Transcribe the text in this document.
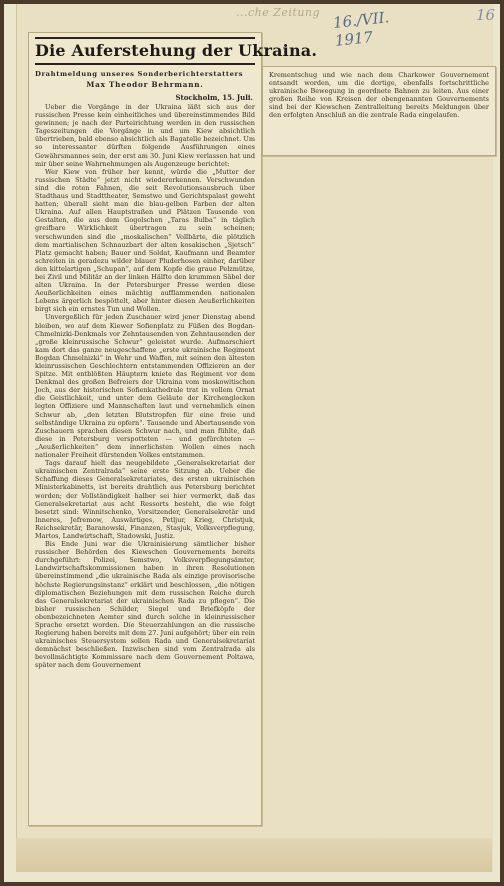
...che Zeitung 16./VII. 1917
16
Die Auferstehung der Ukraina.
Drahtmeldung unseres Sonderberichterstatters
Max Theodor Behrmann.
Stockholm, 15. Juli.

Ueber die Vorgänge in der Ukraina läßt sich aus der russischen Presse kein einheitliches und übereinstimmendes Bild gewinnen; je nach der Parteirichtung werden in den russischen Tageszeitungen die Vorgänge in und um Kiew absichtlich übertrieben, bald ebenso absichtlich als Bagatelle bezeichnet. Um so interessanter dürften folgende Ausführungen eines Gewährsmannes sein, der erst am 30. Juni Kiew verlassen hat und mir über seine Wahrnehmungen als Augenzeuge berichtet:

Wer Kiew von früher her kennt, würde die „Mutter der russischen Städte“ jetzt nicht wiedererkennen. Verschwunden sind die roten Fahnen, die seit Revolutionsausbruch über Stadthaus und Stadttheater, Semstwo und Gerichtspalast geweht hatten; überall sieht man die blau-gelben Farben der alten Ukraina. Auf allen Hauptstraßen und Plätzen Tausende von Gestalten, die aus dem Gogolschen „Taras Bulba“ in täglich greifbare Wirklichkeit übertragen zu sein scheinen; verschwunden sind die „moskalischen“ Vollbärte, die plötzlich dem martialischen Schnauzbart der alten kosakischen „Sjetsch“ Platz gemacht haben; Bauer und Soldat, Kaufmann und Beamter schreiten in geradezu wilder blauer Pluderhosen einher, darüber den kittelartigen „Schupan“, auf dem Kopfe die graue Pelzmütze, bei Zivil und Militär an der linken Hälfte den krummen Säbel der alten Ukraina. In der Petersburger Presse werden diese Aeußerlichkeiten eines mächtig aufflammenden nationalen Lebens ärgerlich bespöttelt, aber hinter diesen Aeußerlichkeiten birgt sich ein ernstes Tun und Wollen.

Unvergeßlich für jeden Zuschauer wird jener Dienstag abend bleiben, wo auf dem Kiewer Sofienplatz zu Füßen des Bogdan-Chmelnizki-Denkmals vor Zehntausenden von Zehntausenden der „große kleinrussische Schwur“ geleistet wurde. Aufmarschiert kam dort das ganze neugeschaffene „erste ukrainische Regiment Bogdan Chmelnizki“ in Wehr und Waffen, mit seinen den ältesten kleinrussischen Geschlechtern entstammenden Offizieren an der Spitze. Mit entblößten Häuptern kniete das Regiment vor dem Denkmal des großen Befreiers der Ukraina vom moskowitischen Joch, aus der historischen Sofienkathedrale trat in vollem Ornat die Geistlichkeit, und unter dem Geläute der Kirchenglocken legten Offiziere und Mannschaften laut und vernehmlich einen Schwur ab, „den letzten Blutstropfen für eine freie und selbständige Ukraina zu opfern“. Tausende und Abertausende von Zuschauern sprachen diesen Schwur nach, und man fühlte, daß diese in Petersburg verspotteten — und gefürchteten — „Aeußerlichkeiten“ dem innerlichsten Wollen eines nach nationaler Freiheit dürstenden Volkes entstammen.

Tags darauf hielt das neugebildete „Generalsekretariat der ukrainischen Zentralrada“ seine erste Sitzung ab. Ueber die Schaffung dieses Generalsekretariates, des ersten ukrainischen Ministerkabinetts, ist bereits drahtlich aus Petersburg berichtet worden; der Vollständigkeit halber sei hier vermerkt, daß das Generalsekretariat aus acht Ressorts besteht, die wie folgt besetzt sind: Winnitschenko, Vorsitzender, Generalsekretär und Inneres, Jefremow, Auswärtiges, Petljur, Krieg, Christjuk, Reichsekretär, Baranowski, Finanzen, Stasjuk, Volksverpflegung, Martos, Landwirtschaft, Stadowski, Justiz.

Bis Ende Juni war die Ukrainisierung sämtlicher bisher russischer Behörden des Kiewschen Gouvernements bereits durchgeführt: Polizei, Semstwo, Volksverpflegungsämter, Landwirtschaftskommissionen haben in ihren Resolutionen übereinstimmend „die ukrainische Rada als einzige provisorische höchste Regierungsinstanz“ erklärt und beschlossen, „die nötigen diplomatischen Beziehungen mit dem russischen Reiche durch das Generalsekretariat der ukrainischen Rada zu pflegen“. Die bisher russischen Schilder, Siegel und Briefköpfe der obenbezeichneten Aemter sind durch solche in kleinrussischer Sprache ersetzt worden. Die Steuerzahlungen an die russische Regierung haben bereits mit dem 27. Juni aufgehört; über ein rein ukrainisches Steuersystem sollen Rada und Generalsekretariat demnächst beschließen. Inzwischen sind vom Zentralrada als bevollmächtigte Kommissare nach dem Gouvernement Poltawa, später nach dem Gouvernement

Krementschug und wie nach dem Charkower Gouvernement entsandt worden, um die dortige, ebenfalls fortschrittliche ukrainische Bewegung in geordnete Bahnen zu leiten. Aus einer großen Reihe von Kreisen der obengenannten Gouvernements sind bei der Kiewschen Zentralleitung bereits Meldungen über den erfolgten Anschluß an die zentrale Rada eingelaufen.
